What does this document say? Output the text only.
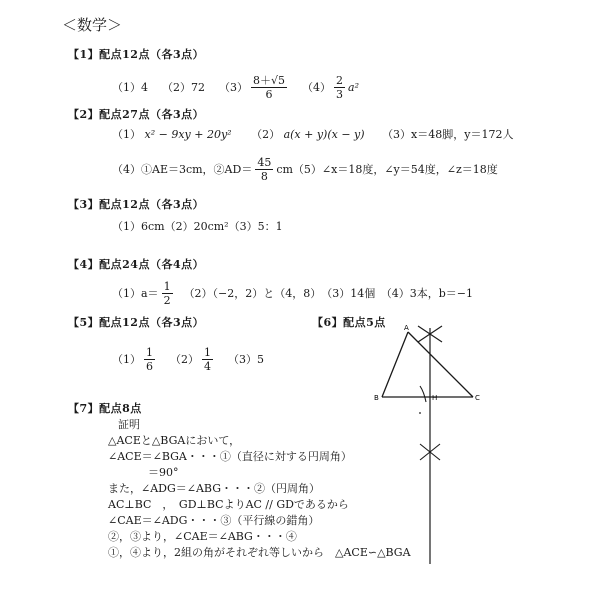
＜数学＞
【1】配点12点（各3点）
（1）4 （2）72 $(3) \frac{8+√5}{6} (4) \frac{2}{3} a^2$
【2】配点27点（各3点）
（1） x² − 9xy + 20y² （2） a(x + y)(x − y) （3）x＝48脚，y＝172人
（4）①AE＝3cm，②AD＝ $\frac{45}{8}$ cm（5）∠x＝18度，∠y＝54度，∠z＝18度
【3】配点12点（各3点）
（1）6cm（2）20cm²（3）5：1
【4】配点24点（各4点）
$(1)a= \frac{1}{2} (2)(-2$，2）と（4，8）　（3）14個　（4）3本，b＝−1
【5】配点12点（各3点）
$(1) \frac{1}{6} (2) \frac{1}{4} (3)5$
【6】配点5点	A
B	C
H
【7】配点8点
証明
△ACEと△BGAにおいて，
∠ACE＝∠BGA・・・①（直径に対する円周角）
＝90°
また，∠ADG＝∠ABG・・・②（円周角）
AC⊥BC　，　GD⊥BCよりAC // GDであるから
∠CAE＝∠ADG・・・③（平行線の錯角）
②，③より，∠CAE＝∠ABG・・・④
①，④より，2組の角がそれぞれ等しいから　△ACE∽△BGA
